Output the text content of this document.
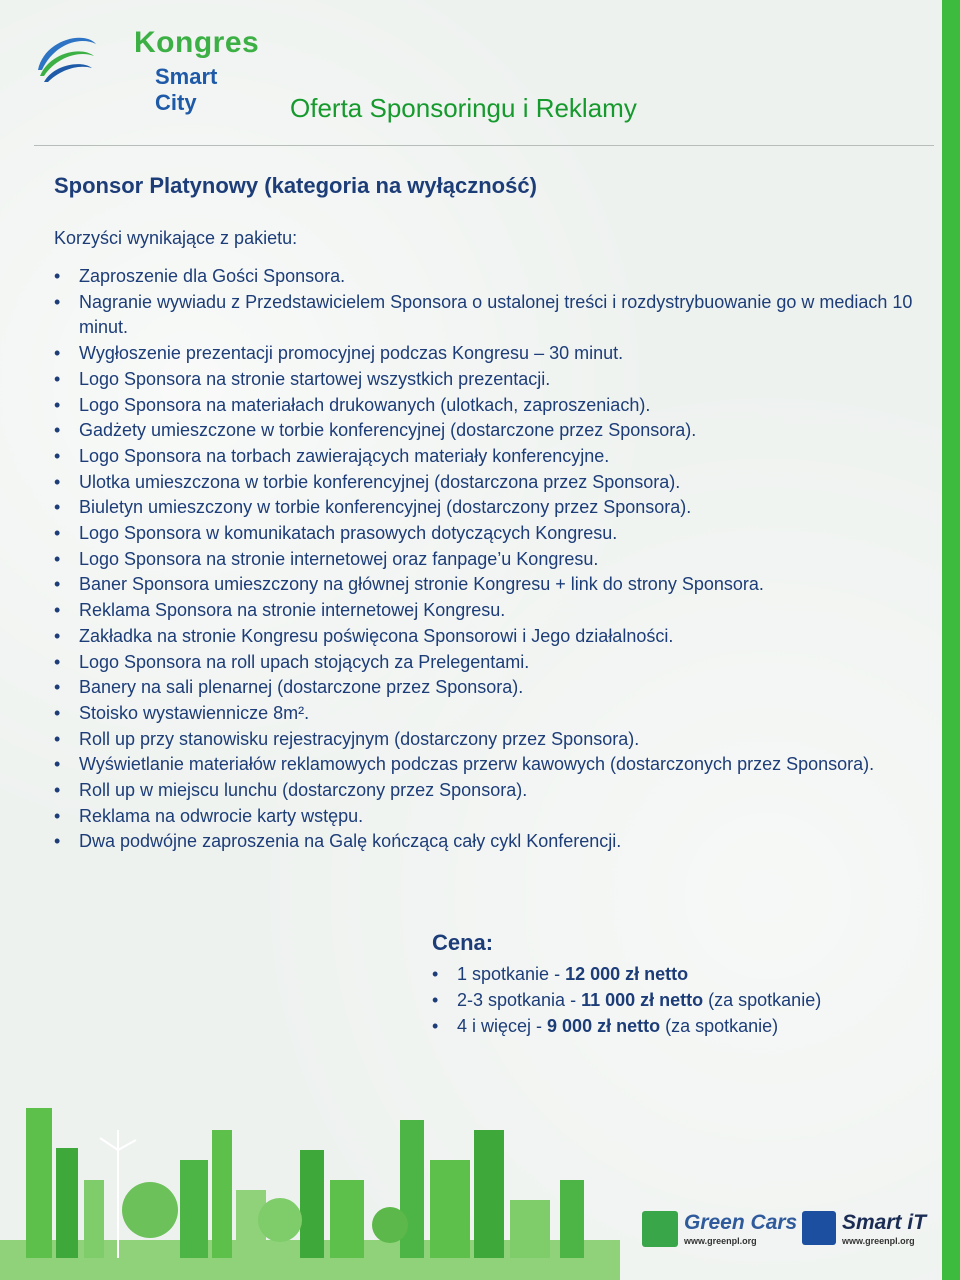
Kongres
Smart City	Oferta Sponsoringu i Reklamy
Sponsor Platynowy (kategoria na wyłączność)
Korzyści wynikające z pakietu:
• Zaproszenie dla Gości Sponsora.
• Nagranie wywiadu z Przedstawicielem Sponsora o ustalonej treści i rozdystrybuowanie go w mediach 10 minut.
• Wygłoszenie prezentacji promocyjnej podczas Kongresu – 30 minut.
• Logo Sponsora na stronie startowej wszystkich prezentacji.
• Logo Sponsora na materiałach drukowanych (ulotkach, zaproszeniach).
• Gadżety umieszczone w torbie konferencyjnej (dostarczone przez Sponsora).
• Logo Sponsora na torbach zawierających materiały konferencyjne.
• Ulotka umieszczona w torbie konferencyjnej (dostarczona przez Sponsora).
• Biuletyn umieszczony w torbie konferencyjnej (dostarczony przez Sponsora).
• Logo Sponsora w komunikatach prasowych dotyczących Kongresu.
• Logo Sponsora na stronie internetowej oraz fanpage’u Kongresu.
• Baner Sponsora umieszczony na głównej stronie Kongresu + link do strony Sponsora.
• Reklama Sponsora na stronie internetowej Kongresu.
• Zakładka na stronie Kongresu poświęcona Sponsorowi i Jego działalności.
• Logo Sponsora na roll upach stojących za Prelegentami.
• Banery na sali plenarnej (dostarczone przez Sponsora).
• Stoisko wystawiennicze 8m².
• Roll up przy stanowisku rejestracyjnym (dostarczony przez Sponsora).
• Wyświetlanie materiałów reklamowych podczas przerw kawowych (dostarczonych przez Sponsora).
• Roll up w miejscu lunchu (dostarczony przez Sponsora).
• Reklama na odwrocie karty wstępu.
• Dwa podwójne zaproszenia na Galę kończącą cały cykl Konferencji.
Cena:
• 1 spotkanie - 12 000 zł netto
• 2-3 spotkania - 11 000 zł netto (za spotkanie)
• 4 i więcej - 9 000 zł netto (za spotkanie)
Green Cars
www.greenpl.org
Smart iT
www.greenpl.org
